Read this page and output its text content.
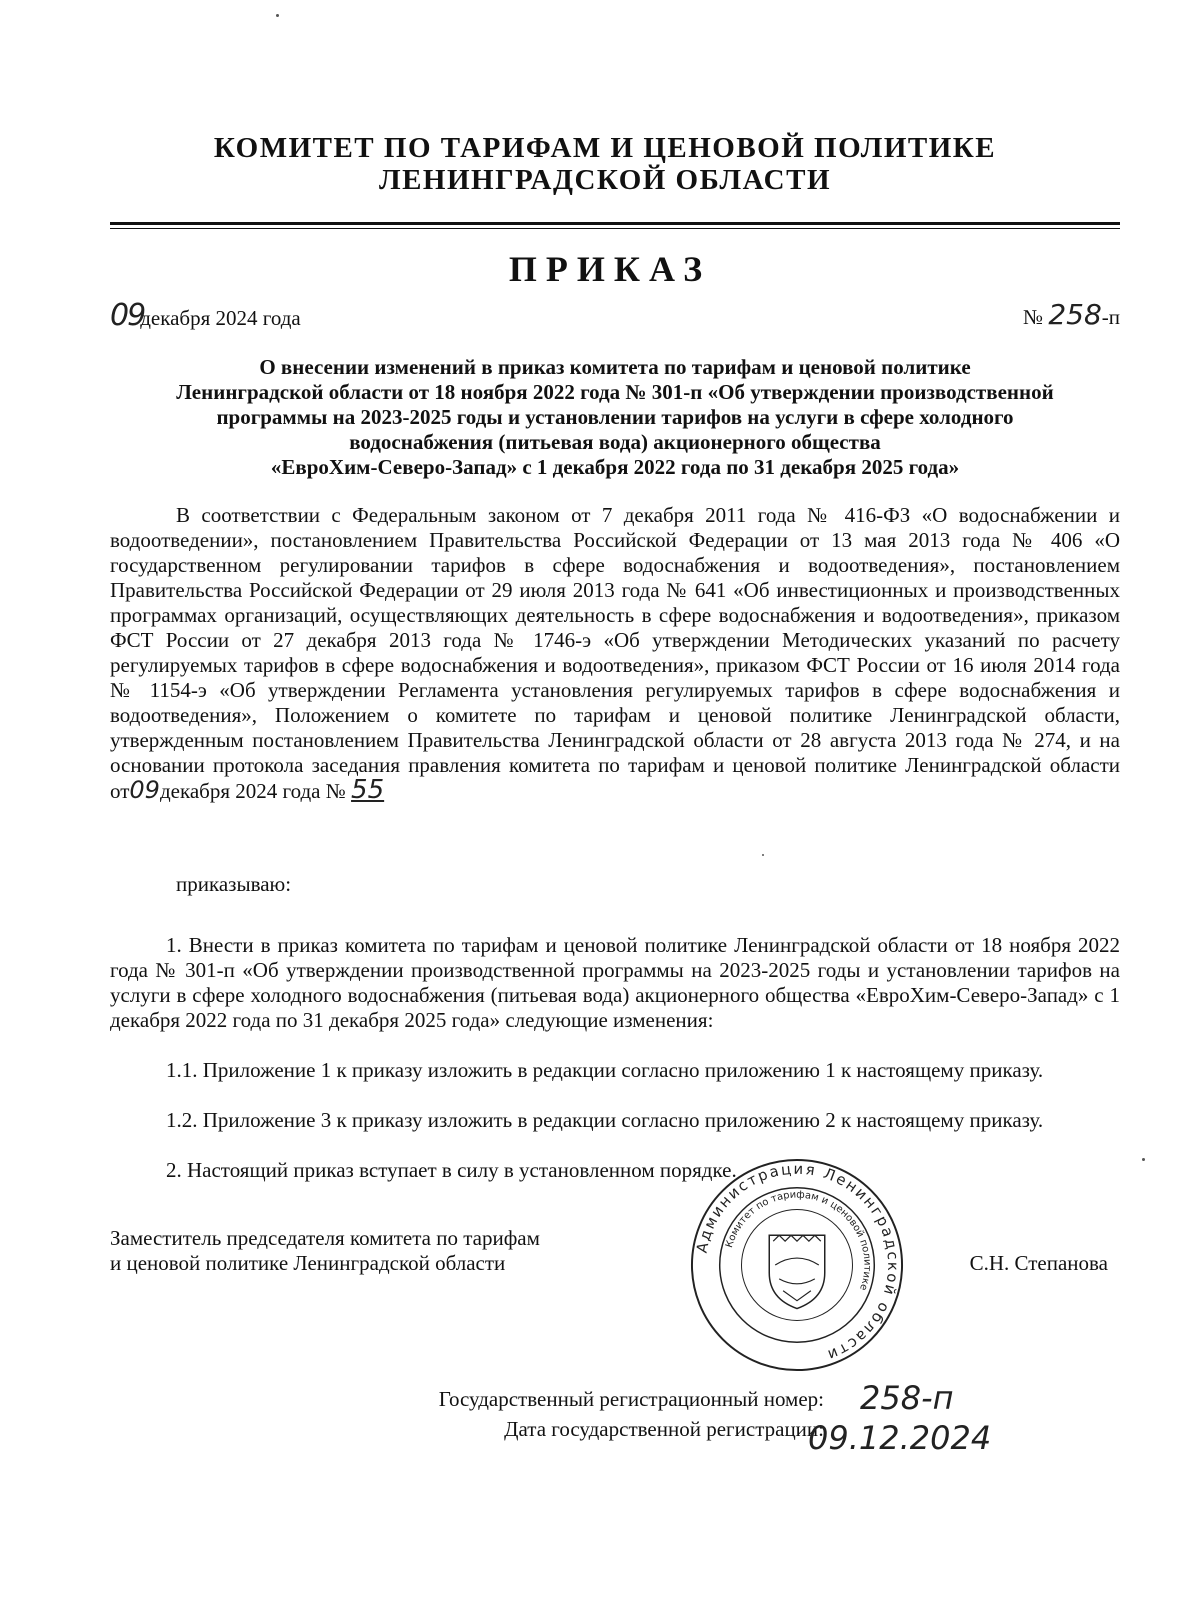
КОМИТЕТ ПО ТАРИФАМ И ЦЕНОВОЙ ПОЛИТИКЕ
ЛЕНИНГРАДСКОЙ ОБЛАСТИ
ПРИКАЗ
09декабря 2024 года	№ 258-п
О внесении изменений в приказ комитета по тарифам и ценовой политике
Ленинградской области от 18 ноября 2022 года № 301-п «Об утверждении производственной
программы на 2023-2025 годы и установлении тарифов на услуги в сфере холодного
водоснабжения (питьевая вода) акционерного общества
«ЕвроХим-Северо-Запад» с 1 декабря 2022 года по 31 декабря 2025 года»
В соответствии с Федеральным законом от 7 декабря 2011 года № 416-ФЗ «О водоснабжении и водоотведении», постановлением Правительства Российской Федерации от 13 мая 2013 года № 406 «О государственном регулировании тарифов в сфере водоснабжения и водоотведения», постановлением Правительства Российской Федерации от 29 июля 2013 года № 641 «Об инвестиционных и производственных программах организаций, осуществляющих деятельность в сфере водоснабжения и водоотведения», приказом ФСТ России от 27 декабря 2013 года № 1746-э «Об утверждении Методических указаний по расчету регулируемых тарифов в сфере водоснабжения и водоотведения», приказом ФСТ России от 16 июля 2014 года № 1154-э «Об утверждении Регламента установления регулируемых тарифов в сфере водоснабжения и водоотведения», Положением о комитете по тарифам и ценовой политике Ленинградской области, утвержденным постановлением Правительства Ленинградской области от 28 августа 2013 года № 274, и на основании протокола заседания правления комитета по тарифам и ценовой политике Ленинградской области от09декабря 2024 года № 55
приказываю:
1. Внести в приказ комитета по тарифам и ценовой политике Ленинградской области от 18 ноября 2022 года № 301-п «Об утверждении производственной программы на 2023-2025 годы и установлении тарифов на услуги в сфере холодного водоснабжения (питьевая вода) акционерного общества «ЕвроХим-Северо-Запад» с 1 декабря 2022 года по 31 декабря 2025 года» следующие изменения:
1.1. Приложение 1 к приказу изложить в редакции согласно приложению 1 к настоящему приказу.
1.2. Приложение 3 к приказу изложить в редакции согласно приложению 2 к настоящему приказу.
2. Настоящий приказ вступает в силу в установленном порядке.
Заместитель председателя комитета по тарифам
и ценовой политике Ленинградской области
Администрация Ленинградской области
Комитет по тарифам и ценовой политике
С.Н. Степанова
Государственный регистрационный номер:
Дата государственной регистрации:
258-п
09.12.2024
